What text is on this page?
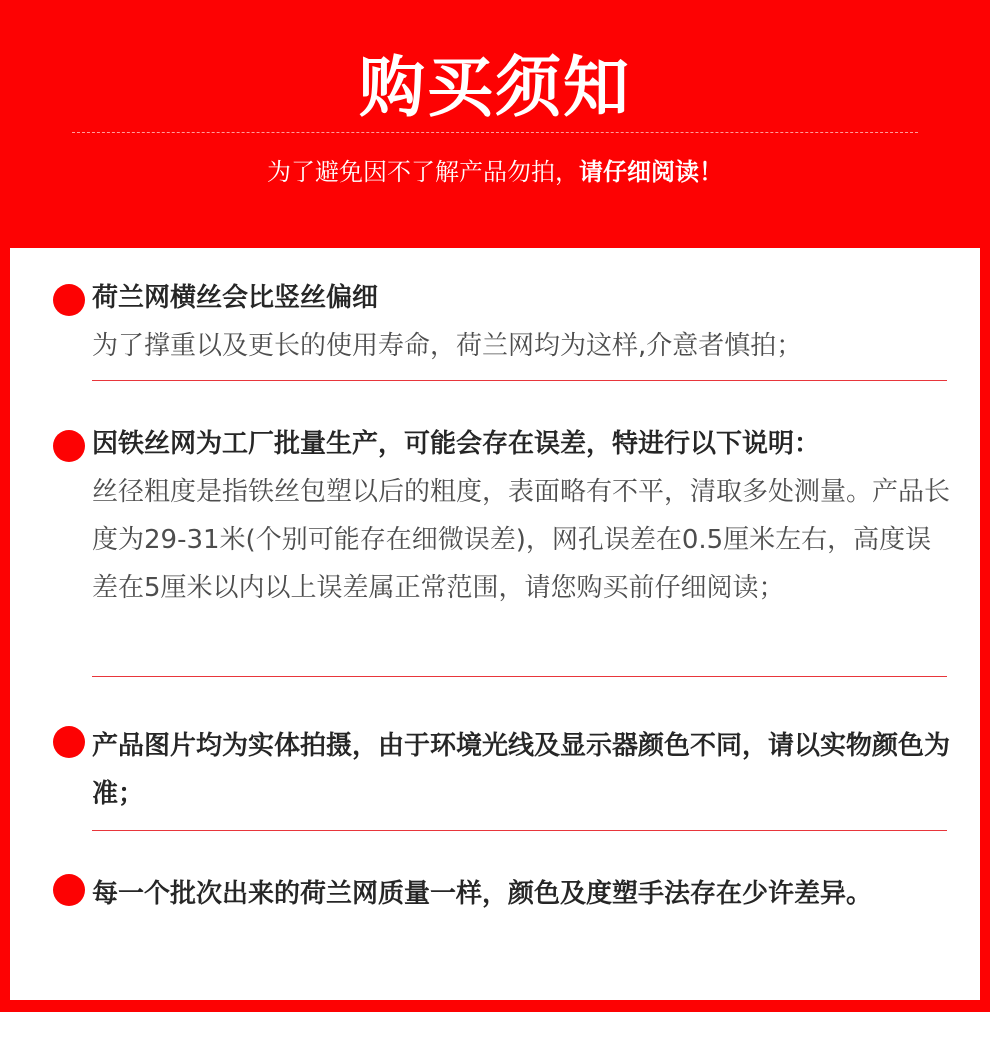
购买须知
为了避免因不了解产品勿拍，请仔细阅读！
荷兰网横丝会比竖丝偏细
为了撑重以及更长的使用寿命，荷兰网均为这样,介意者慎拍；
因铁丝网为工厂批量生产，可能会存在误差，特进行以下说明：
丝径粗度是指铁丝包塑以后的粗度，表面略有不平，清取多处测量。产品长度为29-31米(个别可能存在细微误差)，网孔误差在0.5厘米左右，高度误差在5厘米以内以上误差属正常范围，请您购买前仔细阅读；
产品图片均为实体拍摄，由于环境光线及显示器颜色不同，请以实物颜色为准；
每一个批次出来的荷兰网质量一样，颜色及度塑手法存在少许差异。
